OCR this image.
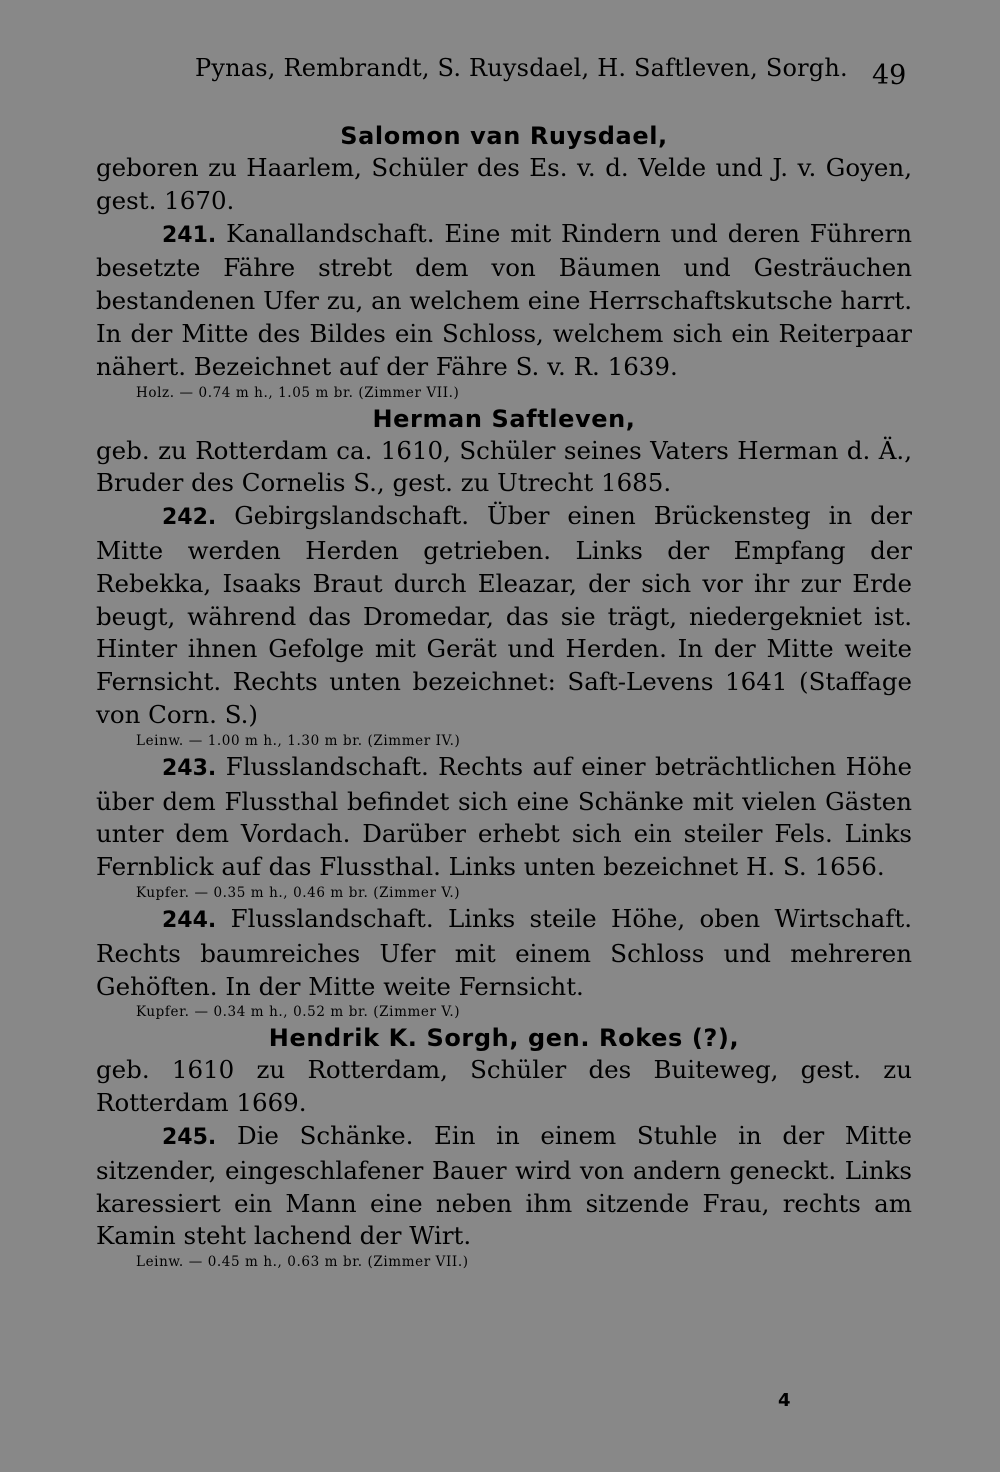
Pynas, Rembrandt, S. Ruysdael, H. Saftleven, Sorgh. 49
Salomon van Ruysdael,
geboren zu Haarlem, Schüler des Es. v. d. Velde und J. v. Goyen, gest. 1670.
241. Kanallandschaft. Eine mit Rindern und deren Führern besetzte Fähre strebt dem von Bäumen und Gesträuchen bestandenen Ufer zu, an welchem eine Herrschaftskutsche harrt. In der Mitte des Bildes ein Schloss, welchem sich ein Reiterpaar nähert. Bezeichnet auf der Fähre S. v. R. 1639.
Holz. — 0.74 m h., 1.05 m br. (Zimmer VII.)
Herman Saftleven,
geb. zu Rotterdam ca. 1610, Schüler seines Vaters Herman d. Ä., Bruder des Cornelis S., gest. zu Utrecht 1685.
242. Gebirgslandschaft. Über einen Brückensteg in der Mitte werden Herden getrieben. Links der Empfang der Rebekka, Isaaks Braut durch Eleazar, der sich vor ihr zur Erde beugt, während das Dromedar, das sie trägt, niedergekniet ist. Hinter ihnen Gefolge mit Gerät und Herden. In der Mitte weite Fernsicht. Rechts unten bezeichnet: Saft-Levens 1641 (Staffage von Corn. S.)
Leinw. — 1.00 m h., 1.30 m br. (Zimmer IV.)
243. Flusslandschaft. Rechts auf einer beträchtlichen Höhe über dem Flussthal befindet sich eine Schänke mit vielen Gästen unter dem Vordach. Darüber erhebt sich ein steiler Fels. Links Fernblick auf das Flussthal. Links unten bezeichnet H. S. 1656.
Kupfer. — 0.35 m h., 0.46 m br. (Zimmer V.)
244. Flusslandschaft. Links steile Höhe, oben Wirtschaft. Rechts baumreiches Ufer mit einem Schloss und mehreren Gehöften. In der Mitte weite Fernsicht.
Kupfer. — 0.34 m h., 0.52 m br. (Zimmer V.)
Hendrik K. Sorgh, gen. Rokes (?),
geb. 1610 zu Rotterdam, Schüler des Buiteweg, gest. zu Rotterdam 1669.
245. Die Schänke. Ein in einem Stuhle in der Mitte sitzender, eingeschlafener Bauer wird von andern geneckt. Links karessiert ein Mann eine neben ihm sitzende Frau, rechts am Kamin steht lachend der Wirt.
Leinw. — 0.45 m h., 0.63 m br. (Zimmer VII.)
4
